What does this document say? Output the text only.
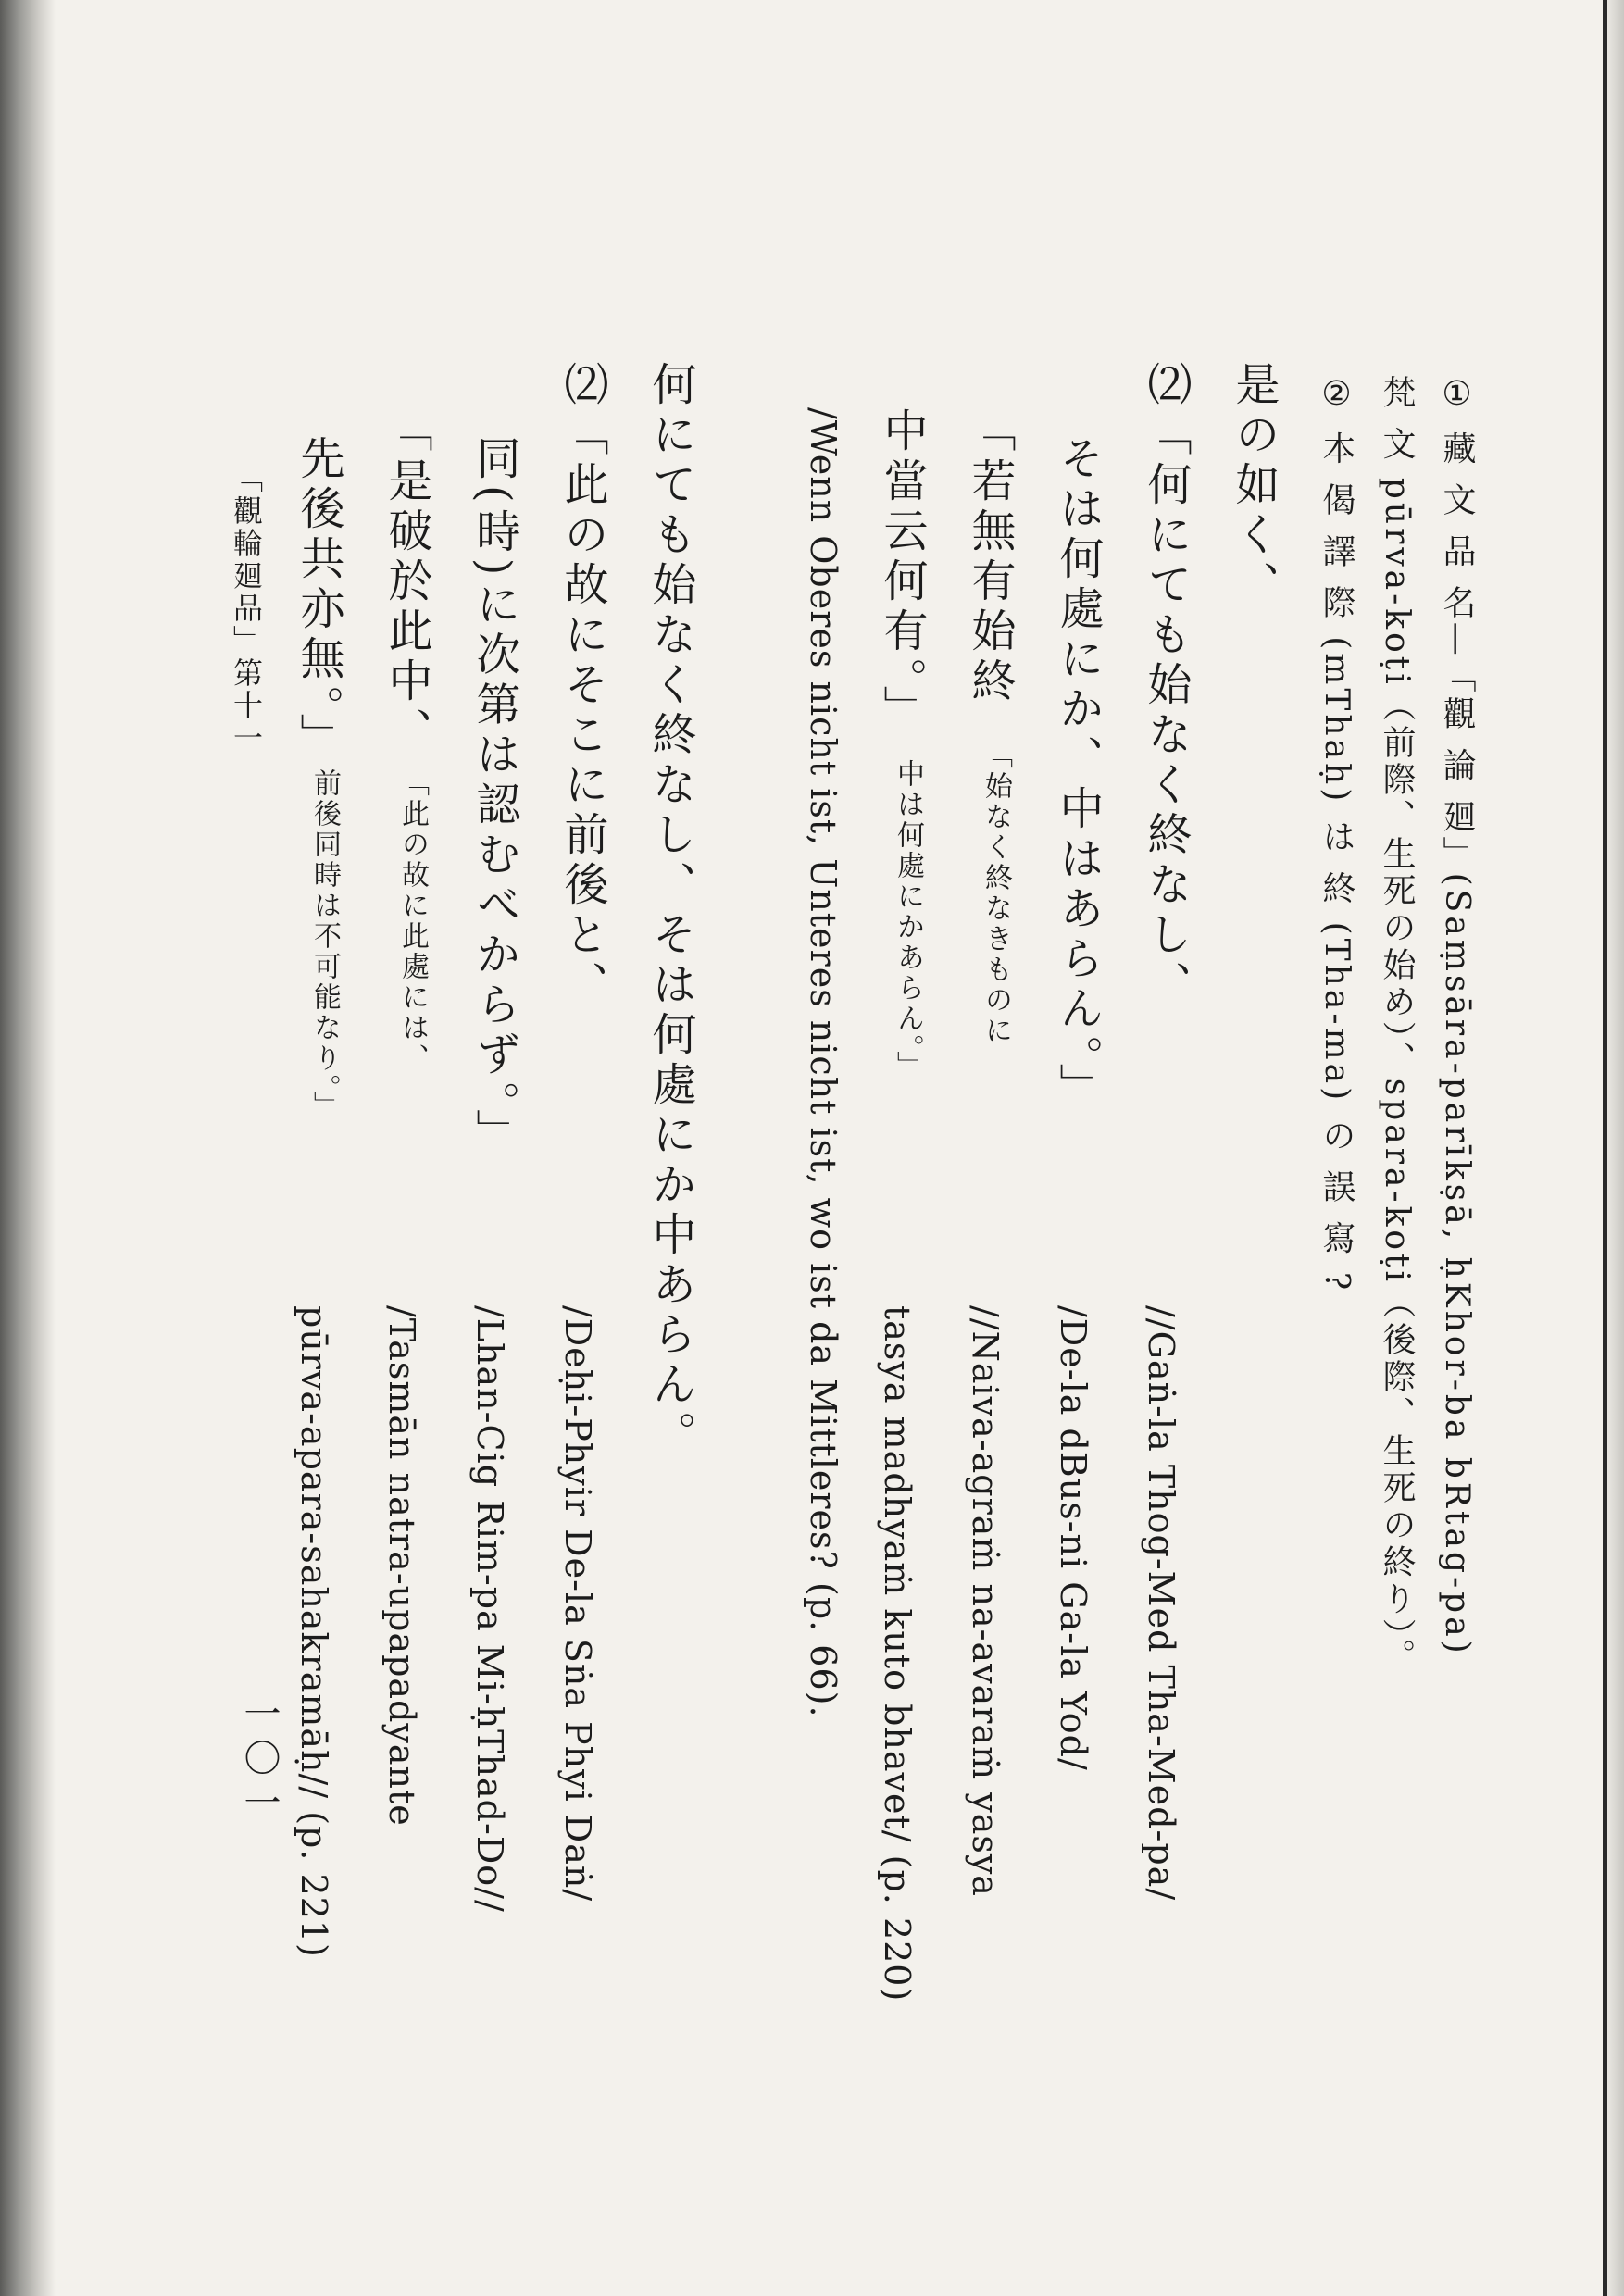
① 藏 文 品 名—「觀 論 廻」(Saṃsāra-parīkṣā, ḥKhor-ba bRtag-pa)
梵 文 pūrva-koṭi（前際、生死の始め）、spara-koṭi（後際、生死の終り）。
② 本 偈 譯 際 (mThaḥ) は 終 (Tha-ma) の 誤 寫 ?
是の如く、
⑵「何にても始なく終なし、
そは何處にか、中はあらん。」
「若無有始終
「始なく終なきものに
中當云何有。」
中は何處にかあらん。」
/Wenn Oberes nicht ist, Unteres nicht ist, wo ist da Mittleres? (p. 66).	//Gaṅ-la Thog-Med Tha-Med-pa/
/De-la dBus-ni Ga-la Yod/
//Naiva-agraṁ na-avaraṁ yasya
tasya madhyaṁ kuto bhavet/ (p. 220)
何にても始なく終なし、そは何處にか中あらん。
⑵「此の故にそこに前後と、
同(時)に次第は認むべからず。」
「是破於此中、
「此の故に此處には、
先後共亦無。」
前後同時は不可能なり。」
/Deḥi-Phyir De-la Sṅa Phyi Daṅ/
/Lhan-Cig Rim-pa Mi-ḥThad-Do//
/Tasmān natra-upapadyante
pūrva-apara-sahakramāḥ// (p. 221)
「觀輪廻品」第十一
一〇一
